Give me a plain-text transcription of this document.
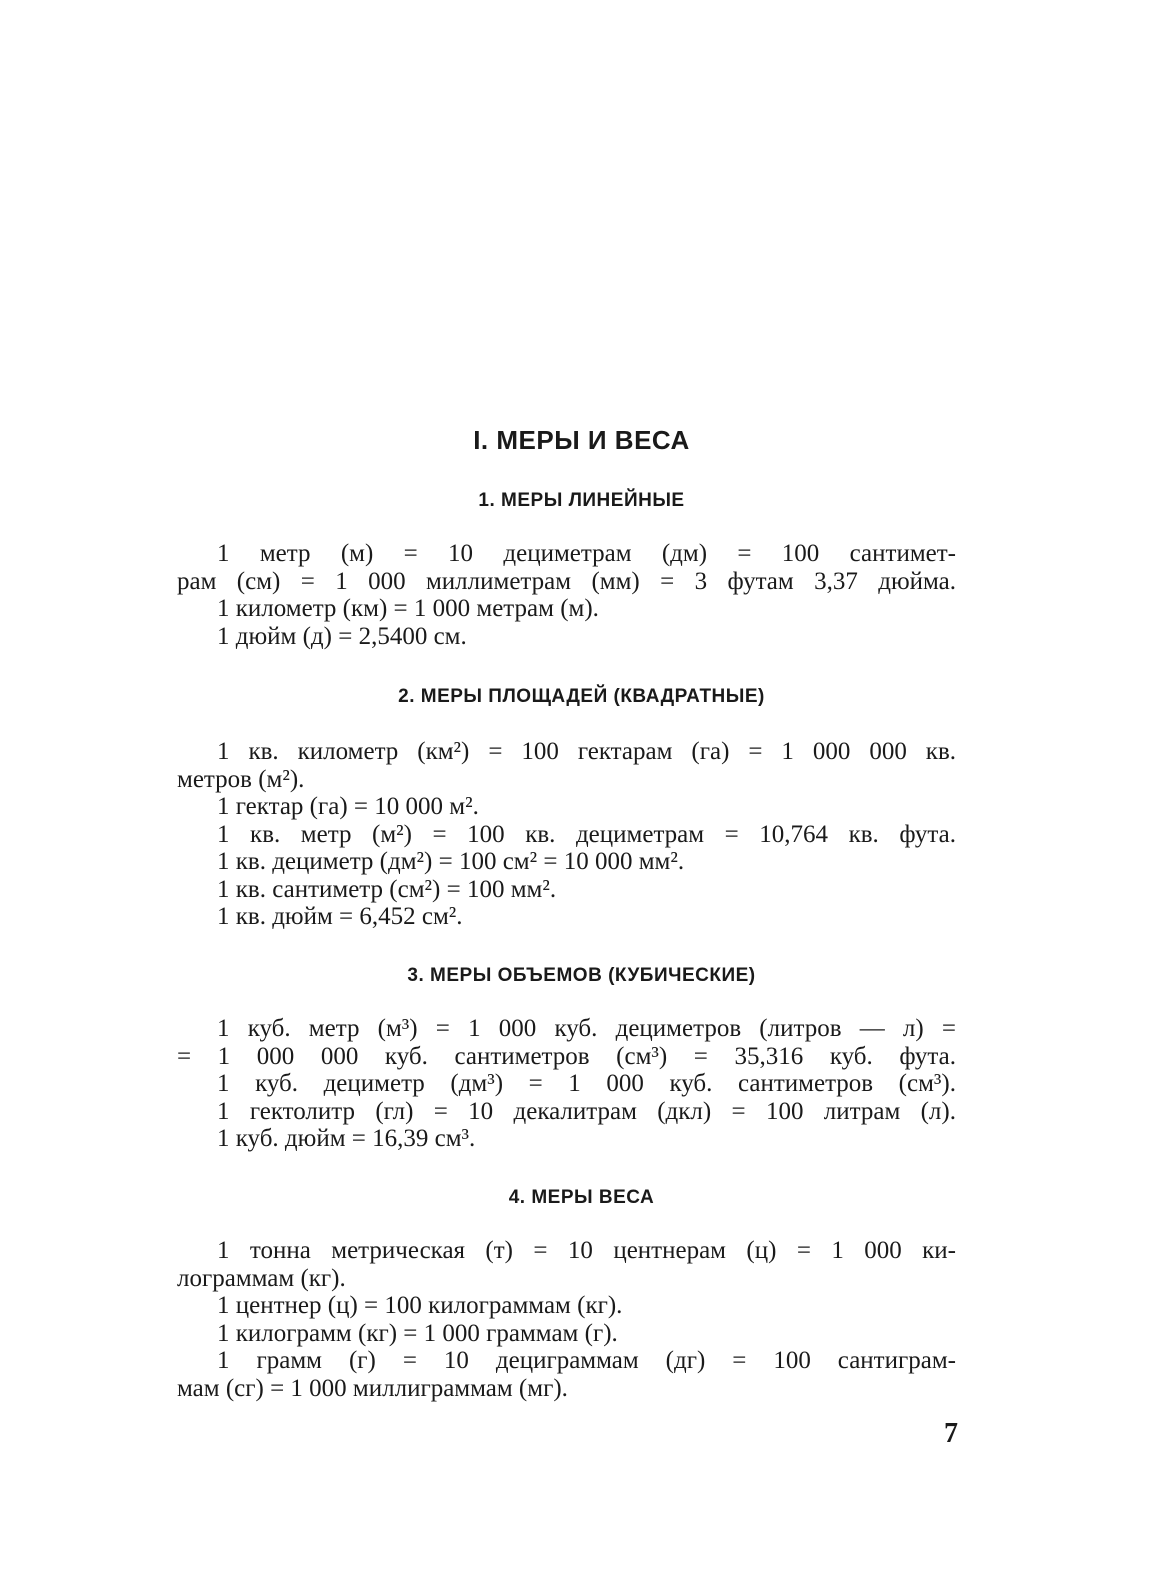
I. МЕРЫ И ВЕСА
1. МЕРЫ ЛИНЕЙНЫЕ
1 метр (м) = 10 дециметрам (дм) = 100 сантимет-
рам (см) = 1 000 миллиметрам (мм) = 3 футам 3,37 дюйма.
1 километр (км) = 1 000 метрам (м).
1 дюйм (д) = 2,5400 см.
2. МЕРЫ ПЛОЩАДЕЙ (КВАДРАТНЫЕ)
1 кв. километр (км²) = 100 гектарам (га) = 1 000 000 кв.
метров (м²).
1 гектар (га) = 10 000 м².
1 кв. метр (м²) = 100 кв. дециметрам = 10,764 кв. фута.
1 кв. дециметр (дм²) = 100 см² = 10 000 мм².
1 кв. сантиметр (см²) = 100 мм².
1 кв. дюйм = 6,452 см².
3. МЕРЫ ОБЪЕМОВ (КУБИЧЕСКИЕ)
1 куб. метр (м³) = 1 000 куб. дециметров (литров — л) =
= 1 000 000 куб. сантиметров (см³) = 35,316 куб. фута.
1 куб. дециметр (дм³) = 1 000 куб. сантиметров (см³).
1 гектолитр (гл) = 10 декалитрам (дкл) = 100 литрам (л).
1 куб. дюйм = 16,39 см³.
4. МЕРЫ ВЕСА
1 тонна метрическая (т) = 10 центнерам (ц) = 1 000 ки-
лограммам (кг).
1 центнер (ц) = 100 килограммам (кг).
1 килограмм (кг) = 1 000 граммам (г).
1 грамм (г) = 10 дециграммам (дг) = 100 сантиграм-
мам (сг) = 1 000 миллиграммам (мг).
7
